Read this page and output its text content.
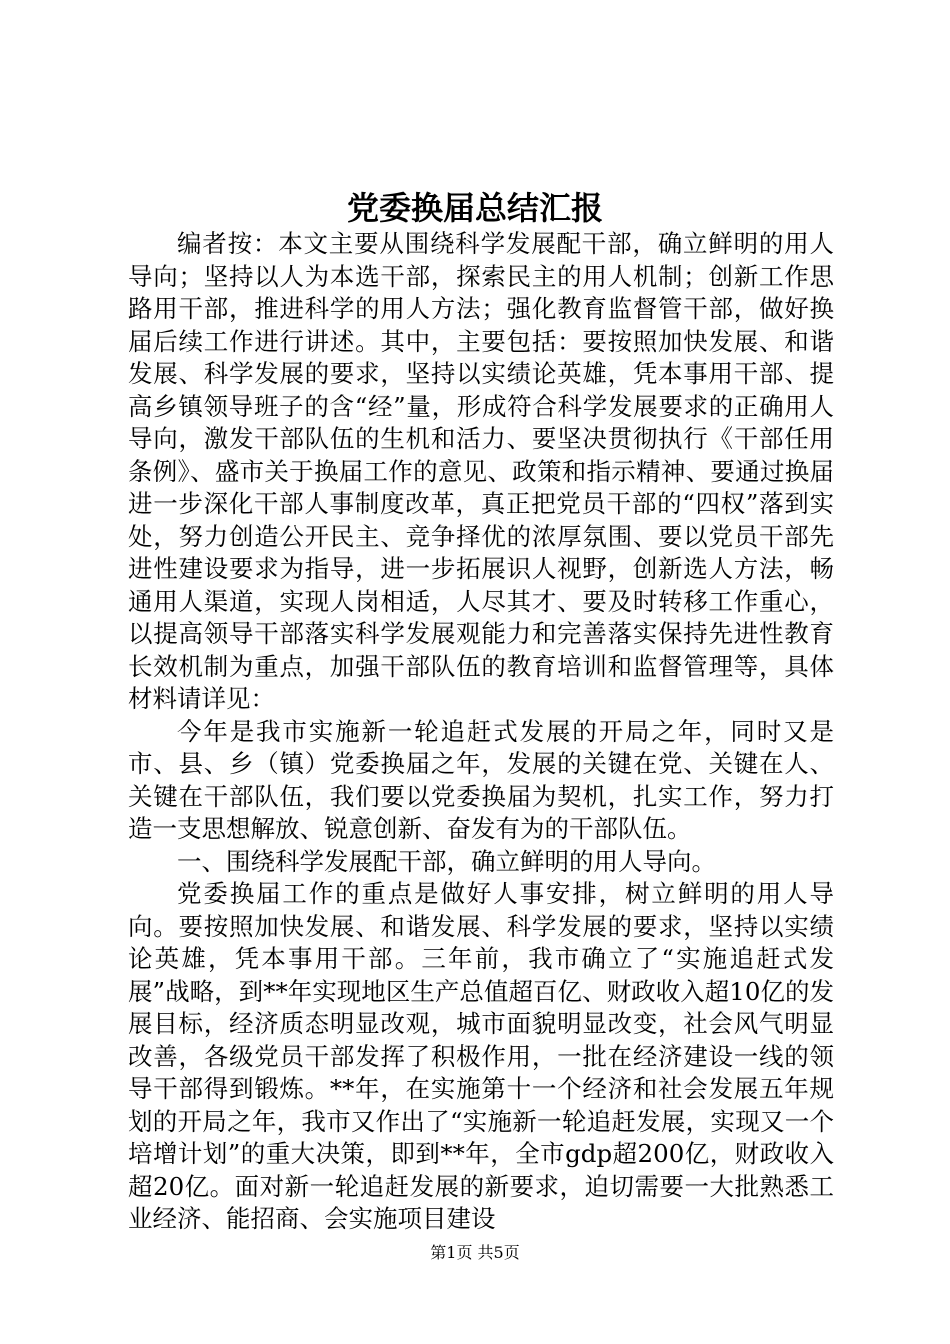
党委换届总结汇报

编者按：本文主要从围绕科学发展配干部，确立鲜明的用人导向；坚持以人为本选干部，探索民主的用人机制；创新工作思路用干部，推进科学的用人方法；强化教育监督管干部，做好换届后续工作进行讲述。其中，主要包括：要按照加快发展、和谐发展、科学发展的要求，坚持以实绩论英雄，凭本事用干部、提高乡镇领导班子的含“经”量，形成符合科学发展要求的正确用人导向，激发干部队伍的生机和活力、要坚决贯彻执行《干部任用条例》、盛市关于换届工作的意见、政策和指示精神、要通过换届进一步深化干部人事制度改革，真正把党员干部的“四权”落到实处，努力创造公开民主、竞争择优的浓厚氛围、要以党员干部先进性建设要求为指导，进一步拓展识人视野，创新选人方法，畅通用人渠道，实现人岗相适，人尽其才、要及时转移工作重心，以提高领导干部落实科学发展观能力和完善落实保持先进性教育长效机制为重点，加强干部队伍的教育培训和监督管理等，具体材料请详见：

今年是我市实施新一轮追赶式发展的开局之年，同时又是市、县、乡（镇）党委换届之年，发展的关键在党、关键在人、关键在干部队伍，我们要以党委换届为契机，扎实工作，努力打造一支思想解放、锐意创新、奋发有为的干部队伍。

一、围绕科学发展配干部，确立鲜明的用人导向。

党委换届工作的重点是做好人事安排，树立鲜明的用人导向。要按照加快发展、和谐发展、科学发展的要求，坚持以实绩论英雄，凭本事用干部。三年前，我市确立了“实施追赶式发展”战略，到**年实现地区生产总值超百亿、财政收入超10亿的发展目标，经济质态明显改观，城市面貌明显改变，社会风气明显改善，各级党员干部发挥了积极作用，一批在经济建设一线的领导干部得到锻炼。**年，在实施第十一个经济和社会发展五年规划的开局之年，我市又作出了“实施新一轮追赶发展，实现又一个培增计划”的重大决策，即到**年，全市gdp超200亿，财政收入超20亿。面对新一轮追赶发展的新要求，迫切需要一大批熟悉工业经济、能招商、会实施项目建设

第1页 共5页
